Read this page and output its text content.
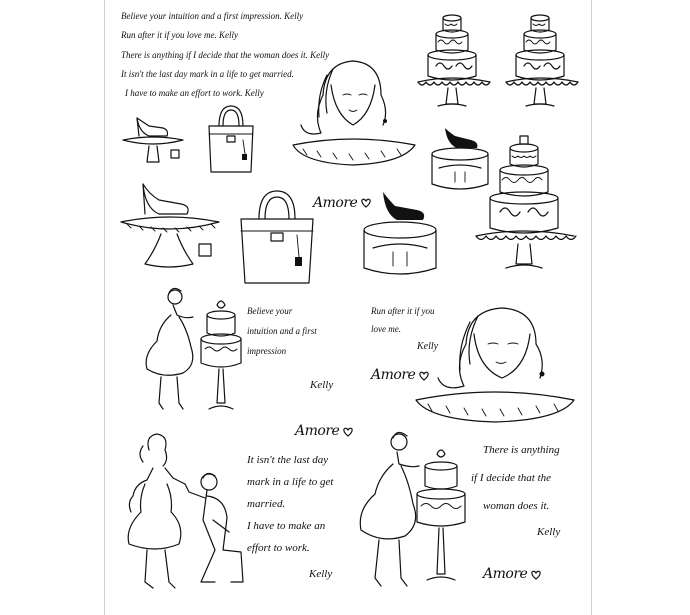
Believe your intuition and a first impression. Kelly
Run after it if you love me. Kelly
There is anything if I decide that the woman does it. Kelly
It isn't the last day mark in a life to get married.
I have to make an effort to work. Kelly
Amore
Believe your
intuition and a first
impression
Kelly
Run after it if you
love me.
Kelly
Amore
Amore
It isn't the last day
mark in a life to get
married.
I have to make an
effort to work.
Kelly
There is anything
if I decide that the
woman does it.
Kelly
Amore
